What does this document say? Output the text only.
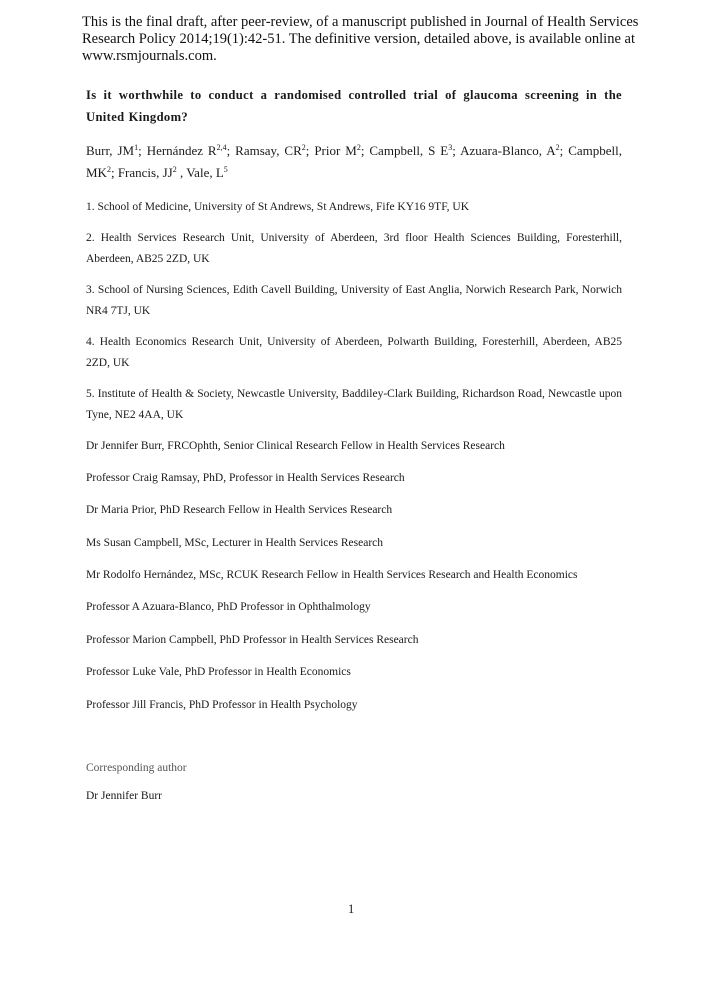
This is the final draft, after peer-review, of a manuscript published in Journal of Health Services Research Policy 2014;19(1):42-51. The definitive version, detailed above, is available online at www.rsmjournals.com.

Is it worthwhile to conduct a randomised controlled trial of glaucoma screening in the United Kingdom?

Burr, $JM^1$; Hernández R$^{2,4}$; Ramsay, $CR^2$; Prior $M^2$; Campbell, S $E^3$; Azuara-Blanco, $A^2$; Campbell, $MK^2$; Francis, $JJ^2$ , Vale, $L^5$

1. School of Medicine, University of St Andrews, St Andrews, Fife KY16 9TF, UK

2. Health Services Research Unit, University of Aberdeen, 3rd floor Health Sciences Building, Foresterhill, Aberdeen, AB25 2ZD, UK

3. School of Nursing Sciences, Edith Cavell Building, University of East Anglia, Norwich Research Park, Norwich NR4 7TJ, UK

4. Health Economics Research Unit, University of Aberdeen, Polwarth Building, Foresterhill, Aberdeen, AB25 2ZD, UK

5. Institute of Health & Society, Newcastle University, Baddiley-Clark Building, Richardson Road, Newcastle upon Tyne, NE2 4AA, UK

Dr Jennifer Burr, FRCOphth, Senior Clinical Research Fellow in Health Services Research

Professor Craig Ramsay, PhD, Professor in Health Services Research

Dr Maria Prior, PhD Research Fellow in Health Services Research

Ms Susan Campbell, MSc, Lecturer in Health Services Research

Mr Rodolfo Hernández, MSc, RCUK Research Fellow in Health Services Research and Health Economics

Professor A Azuara-Blanco, PhD Professor in Ophthalmology

Professor Marion Campbell, PhD Professor in Health Services Research

Professor Luke Vale, PhD Professor in Health Economics

Professor Jill Francis, PhD Professor in Health Psychology

Corresponding author
Dr Jennifer Burr
1
